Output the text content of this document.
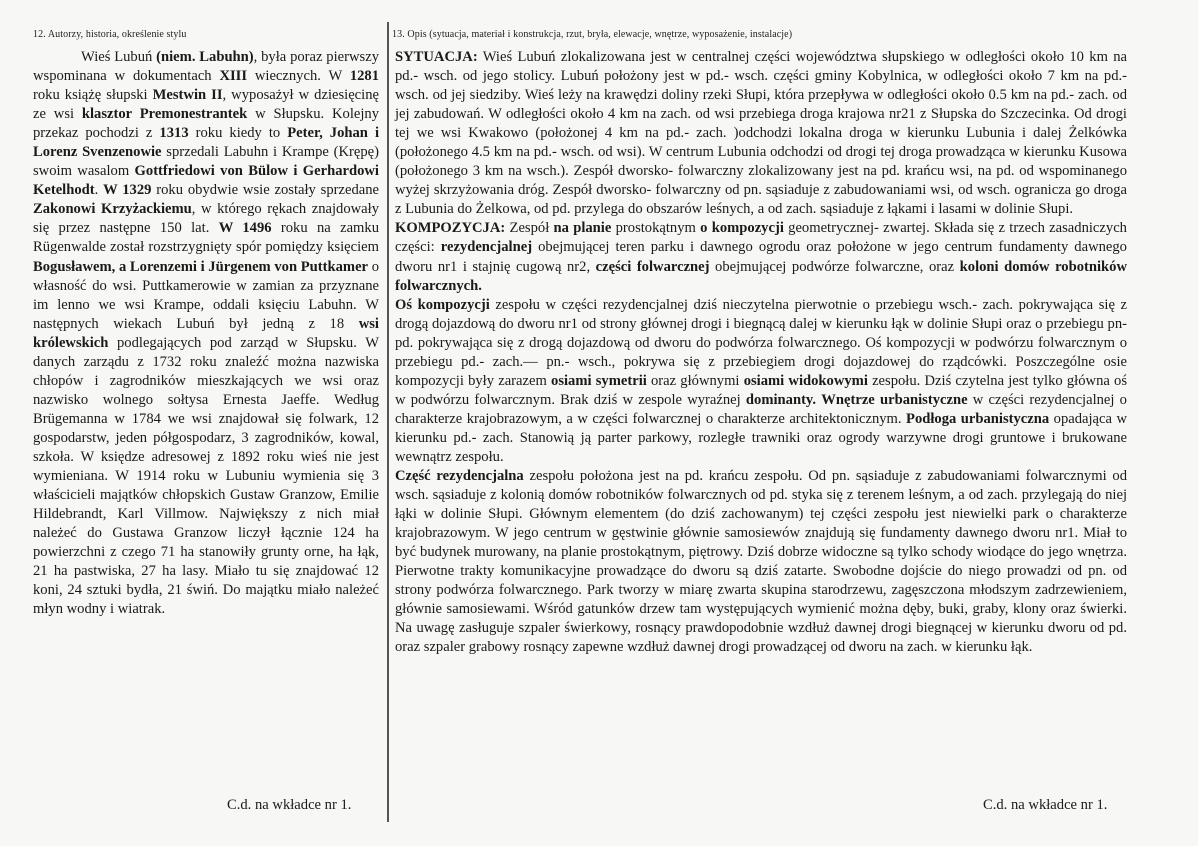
12. Autorzy, historia, określenie stylu	13. Opis (sytuacja, materiał i konstrukcja, rzut, bryła, elewacje, wnętrze, wyposażenie, instalacje)

Wieś Lubuń (niem. Labuhn), była poraz pierwszy wspominana w dokumentach XIII wiecznych. W 1281 roku książę słupski Mestwin II, wyposażył w dziesięcinę ze wsi klasztor Premonestrantek w Słupsku. Kolejny przekaz pochodzi z 1313 roku kiedy to Peter, Johan i Lorenz Svenzenowie sprzedali Labuhn i Krampe (Krępę) swoim wasalom Gottfriedowi von Bülow i Gerhardowi Ketelhodt. W 1329 roku obydwie wsie zostały sprzedane Zakonowi Krzyżackiemu, w którego rękach znajdowały się przez następne 150 lat. W 1496 roku na zamku Rügenwalde został rozstrzygnięty spór pomiędzy księciem Bogusławem, a Lorenzemi i Jürgenem von Puttkamer o własność do wsi. Puttkamerowie w zamian za przyznane im lenno we wsi Krampe, oddali księciu Labuhn. W następnych wiekach Lubuń był jedną z 18 wsi królewskich podlegających pod zarząd w Słupsku. W danych zarządu z 1732 roku znaleźć można nazwiska chłopów i zagrodników mieszkających we wsi oraz nazwisko wolnego sołtysa Ernesta Jaeffe. Według Brügemanna w 1784 we wsi znajdował się folwark, 12 gospodarstw, jeden półgospodarz, 3 zagrodników, kowal, szkoła. W księdze adresowej z 1892 roku wieś nie jest wymieniana. W 1914 roku w Lubuniu wymienia się 3 właścicieli majątków chłopskich Gustaw Granzow, Emilie Hildebrandt, Karl Villmow. Największy z nich miał należeć do Gustawa Granzow liczył łącznie 124 ha powierzchni z czego 71 ha stanowiły grunty orne, ha łąk, 21 ha pastwiska, 27 ha lasy. Miało tu się znajdować 12 koni, 24 sztuki bydła, 21 świń. Do majątku miało należeć młyn wodny i wiatrak.

C.d. na wkładce nr 1.

SYTUACJA: Wieś Lubuń zlokalizowana jest w centralnej części województwa słupskiego w odległości około 10 km na pd.- wsch. od jego stolicy. Lubuń położony jest w pd.- wsch. części gminy Kobylnica, w odległości około 7 km na pd.- wsch. od jej siedziby. Wieś leży na krawędzi doliny rzeki Słupi, która przepływa w odległości około 0.5 km na pd.- zach. od jej zabudowań. W odległości około 4 km na zach. od wsi przebiega droga krajowa nr21 z Słupska do Szczecinka. Od drogi tej we wsi Kwakowo (położonej 4 km na pd.- zach. )odchodzi lokalna droga w kierunku Lubunia i dalej Żelkówka (położonego 4.5 km na pd.- wsch. od wsi). W centrum Lubunia odchodzi od drogi tej droga prowadząca w kierunku Kusowa (położonego 3 km na wsch.). Zespół dworsko- folwarczny zlokalizowany jest na pd. krańcu wsi, na pd. od wspominanego wyżej skrzyżowania dróg. Zespół dworsko- folwarczny od pn. sąsiaduje z zabudowaniami wsi, od wsch. ogranicza go droga z Lubunia do Żelkowa, od pd. przylega do obszarów leśnych, a od zach. sąsiaduje z łąkami i lasami w dolinie Słupi.

KOMPOZYCJA: Zespół na planie prostokątnym o kompozycji geometrycznej- zwartej. Składa się z trzech zasadniczych części: rezydencjalnej obejmującej teren parku i dawnego ogrodu oraz położone w jego centrum fundamenty dawnego dworu nr1 i stajnię cugową nr2, części folwarcznej obejmującej podwórze folwarczne, oraz koloni domów robotników folwarcznych.

Oś kompozycji zespołu w części rezydencjalnej dziś nieczytelna pierwotnie o przebiegu wsch.- zach. pokrywająca się z drogą dojazdową do dworu nr1 od strony głównej drogi i biegnącą dalej w kierunku łąk w dolinie Słupi oraz o przebiegu pn- pd. pokrywająca się z drogą dojazdową od dworu do podwórza folwarcznego. Oś kompozycji w podwórzu folwarcznym o przebiegu pd.- zach.— pn.- wsch., pokrywa się z przebiegiem drogi dojazdowej do rządcówki. Poszczególne osie kompozycji były zarazem osiami symetrii oraz głównymi osiami widokowymi zespołu. Dziś czytelna jest tylko główna oś w podwórzu folwarcznym. Brak dziś w zespole wyraźnej dominanty. Wnętrze urbanistyczne w części rezydencjalnej o charakterze krajobrazowym, a w części folwarcznej o charakterze architektonicznym. Podłoga urbanistyczna opadająca w kierunku pd.- zach. Stanowią ją parter parkowy, rozległe trawniki oraz ogrody warzywne drogi gruntowe i brukowane wewnątrz zespołu.

Część rezydencjalna zespołu położona jest na pd. krańcu zespołu. Od pn. sąsiaduje z zabudowaniami folwarcznymi od wsch. sąsiaduje z kolonią domów robotników folwarcznych od pd. styka się z terenem leśnym, a od zach. przylegają do niej łąki w dolinie Słupi. Głównym elementem (do dziś zachowanym) tej części zespołu jest niewielki park o charakterze krajobrazowym. W jego centrum w gęstwinie głównie samosiewów znajdują się fundamenty dawnego dworu nr1. Miał to być budynek murowany, na planie prostokątnym, piętrowy. Dziś dobrze widoczne są tylko schody wiodące do jego wnętrza. Pierwotne trakty komunikacyjne prowadzące do dworu są dziś zatarte. Swobodne dojście do niego prowadzi od pn. od strony podwórza folwarcznego. Park tworzy w miarę zwarta skupina starodrzewu, zagęszczona młodszym zadrzewieniem, głównie samosiewami. Wśród gatunków drzew tam występujących wymienić można dęby, buki, graby, klony oraz świerki. Na uwagę zasługuje szpaler świerkowy, rosnący prawdopodobnie wzdłuż dawnej drogi biegnącej w kierunku dworu od pd. oraz szpaler grabowy rosnący zapewne wzdłuż dawnej drogi prowadzącej od dworu na zach. w kierunku łąk.

C.d. na wkładce nr 1.
